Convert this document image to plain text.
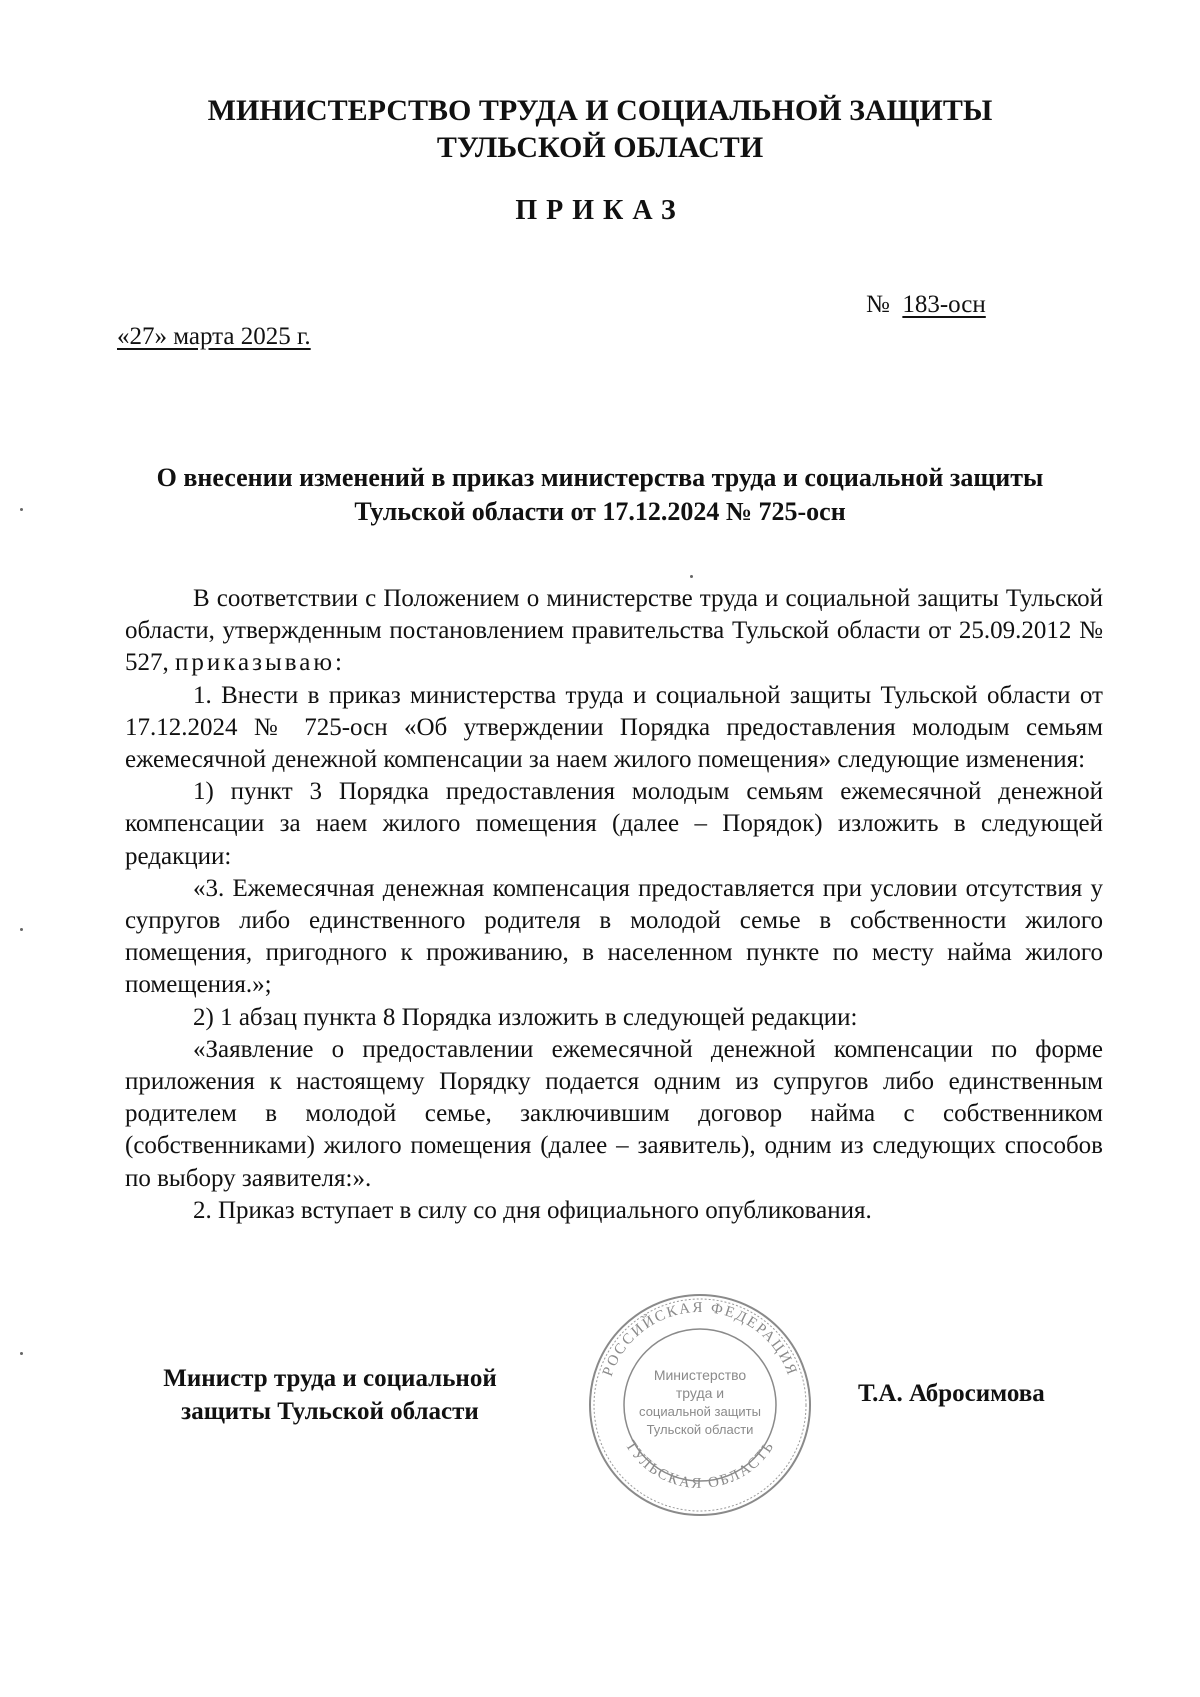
МИНИСТЕРСТВО ТРУДА И СОЦИАЛЬНОЙ ЗАЩИТЫ
ТУЛЬСКОЙ ОБЛАСТИ
ПРИКАЗ
№ 183-осн
«27» марта 2025 г.
О внесении изменений в приказ министерства труда и социальной защиты
Тульской области от 17.12.2024 № 725-осн

В соответствии с Положением о министерстве труда и социальной защиты Тульской области, утвержденным постановлением правительства Тульской области от 25.09.2012 № 527, приказываю:

1. Внести в приказ министерства труда и социальной защиты Тульской области от 17.12.2024 № 725-осн «Об утверждении Порядка предоставления молодым семьям ежемесячной денежной компенсации за наем жилого помещения» следующие изменения:

1) пункт 3 Порядка предоставления молодым семьям ежемесячной денежной компенсации за наем жилого помещения (далее – Порядок) изложить в следующей редакции:

«3. Ежемесячная денежная компенсация предоставляется при условии отсутствия у супругов либо единственного родителя в молодой семье в собственности жилого помещения, пригодного к проживанию, в населенном пункте по месту найма жилого помещения.»;

2) 1 абзац пункта 8 Порядка изложить в следующей редакции:

«Заявление о предоставлении ежемесячной денежной компенсации по форме приложения к настоящему Порядку подается одним из супругов либо единственным родителем в молодой семье, заключившим договор найма с собственником (собственниками) жилого помещения (далее – заявитель), одним из следующих способов по выбору заявителя:».

2. Приказ вступает в силу со дня официального опубликования.

Министр труда и социальной
защиты Тульской области
РОССИЙСКАЯ ФЕДЕРАЦИЯ
ТУЛЬСКАЯ ОБЛАСТЬ
Министерство
труда и
социальной защиты
Тульской области
Т.А. Абросимова
